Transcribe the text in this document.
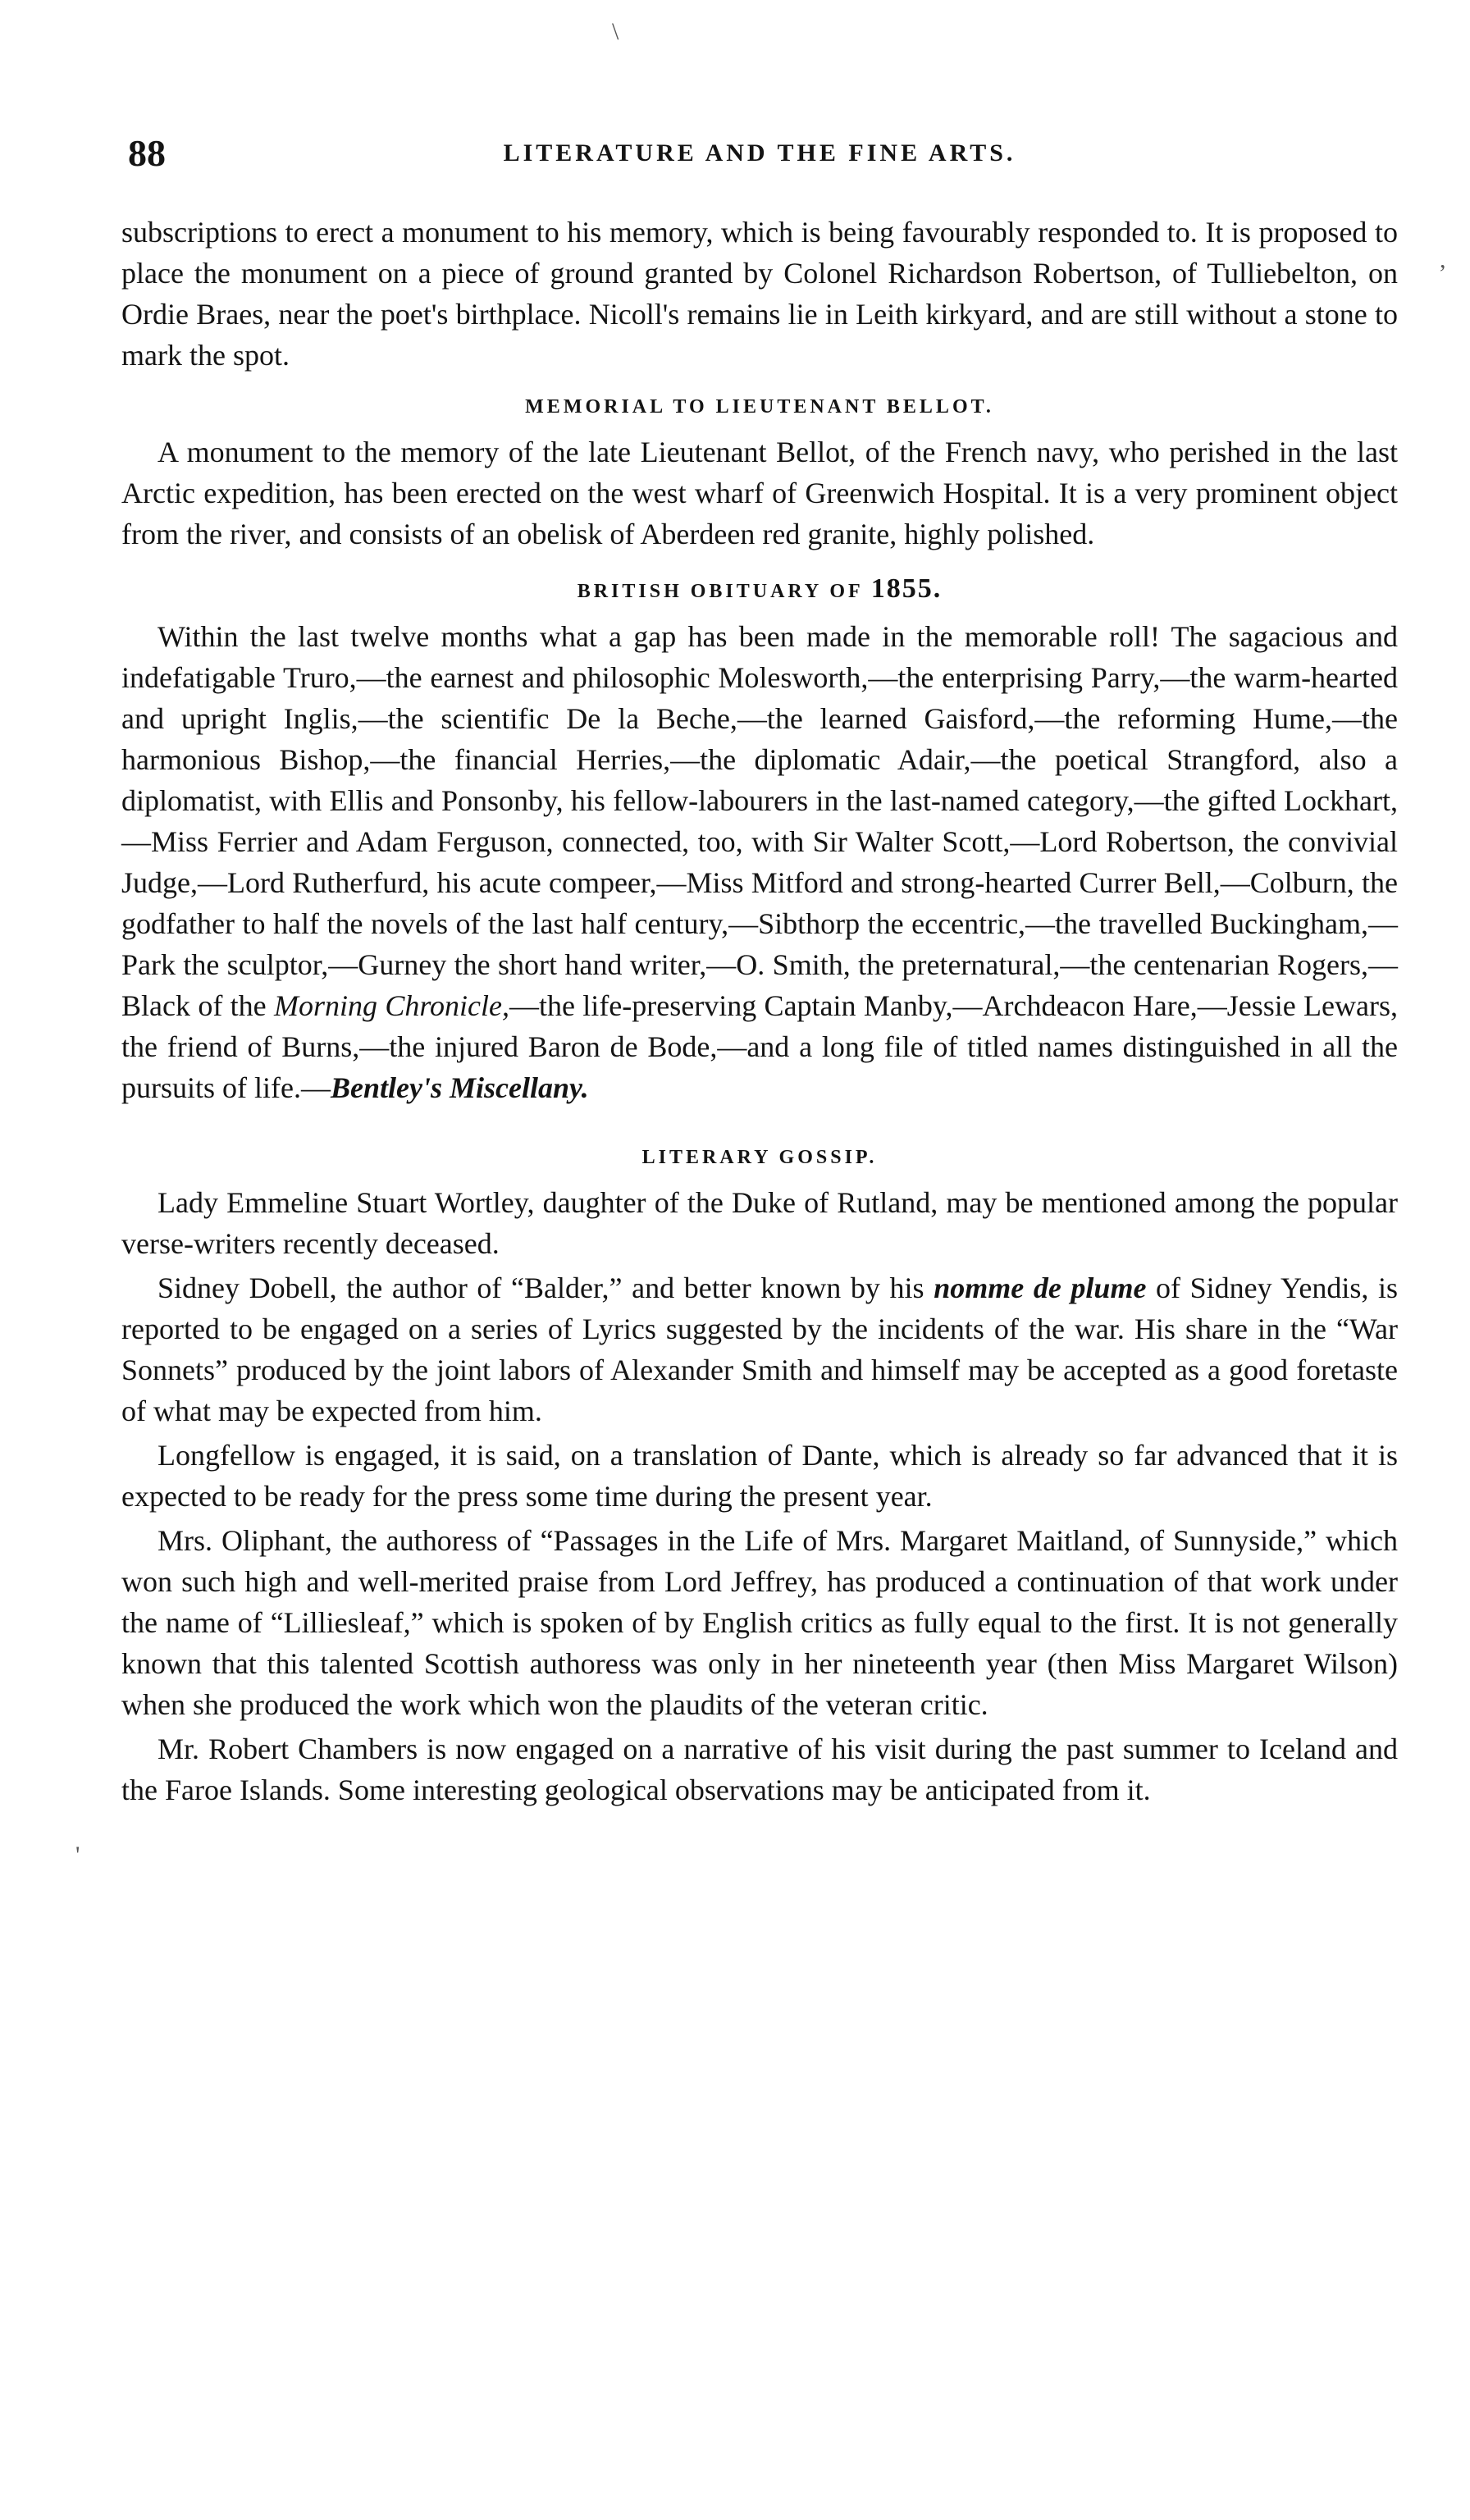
\
,
'
88	LITERATURE AND THE FINE ARTS.

subscriptions to erect a monument to his memory, which is being favourably responded to. It is proposed to place the monument on a piece of ground granted by Colonel Richardson Robertson, of Tulliebelton, on Ordie Braes, near the poet's birthplace. Nicoll's remains lie in Leith kirkyard, and are still without a stone to mark the spot.

MEMORIAL TO LIEUTENANT BELLOT.

A monument to the memory of the late Lieutenant Bellot, of the French navy, who perished in the last Arctic expedition, has been erected on the west wharf of Greenwich Hospital. It is a very prominent object from the river, and consists of an obelisk of Aberdeen red granite, highly polished.

BRITISH OBITUARY OF 1855.

Within the last twelve months what a gap has been made in the memorable roll! The sagacious and indefatigable Truro,—the earnest and philosophic Molesworth,—the enterprising Parry,—the warm-hearted and upright Inglis,—the scientific De la Beche,—the learned Gaisford,—the reforming Hume,—the harmonious Bishop,—the financial Herries,—the diplomatic Adair,—the poetical Strangford, also a diplomatist, with Ellis and Ponsonby, his fellow-labourers in the last-named category,—the gifted Lockhart,—Miss Ferrier and Adam Ferguson, connected, too, with Sir Walter Scott,—Lord Robertson, the convivial Judge,—Lord Rutherfurd, his acute compeer,—Miss Mitford and strong-hearted Currer Bell,—Colburn, the godfather to half the novels of the last half century,—Sibthorp the eccentric,—the travelled Buckingham,—Park the sculptor,—Gurney the short hand writer,—O. Smith, the preternatural,—the centenarian Rogers,—Black of the Morning Chronicle,—the life-preserving Captain Manby,—Archdeacon Hare,—Jessie Lewars, the friend of Burns,—the injured Baron de Bode,—and a long file of titled names distinguished in all the pursuits of life.—Bentley's Miscellany.

LITERARY GOSSIP.

Lady Emmeline Stuart Wortley, daughter of the Duke of Rutland, may be mentioned among the popular verse-writers recently deceased.

Sidney Dobell, the author of “Balder,” and better known by his nomme de plume of Sidney Yendis, is reported to be engaged on a series of Lyrics suggested by the incidents of the war. His share in the “War Sonnets” produced by the joint labors of Alexander Smith and himself may be accepted as a good foretaste of what may be expected from him.

Longfellow is engaged, it is said, on a translation of Dante, which is already so far advanced that it is expected to be ready for the press some time during the present year.

Mrs. Oliphant, the authoress of “Passages in the Life of Mrs. Margaret Maitland, of Sunnyside,” which won such high and well-merited praise from Lord Jeffrey, has produced a continuation of that work under the name of “Lilliesleaf,” which is spoken of by English critics as fully equal to the first. It is not generally known that this talented Scottish authoress was only in her nineteenth year (then Miss Margaret Wilson) when she produced the work which won the plaudits of the veteran critic.

Mr. Robert Chambers is now engaged on a narrative of his visit during the past summer to Iceland and the Faroe Islands. Some interesting geological observations may be anticipated from it.
